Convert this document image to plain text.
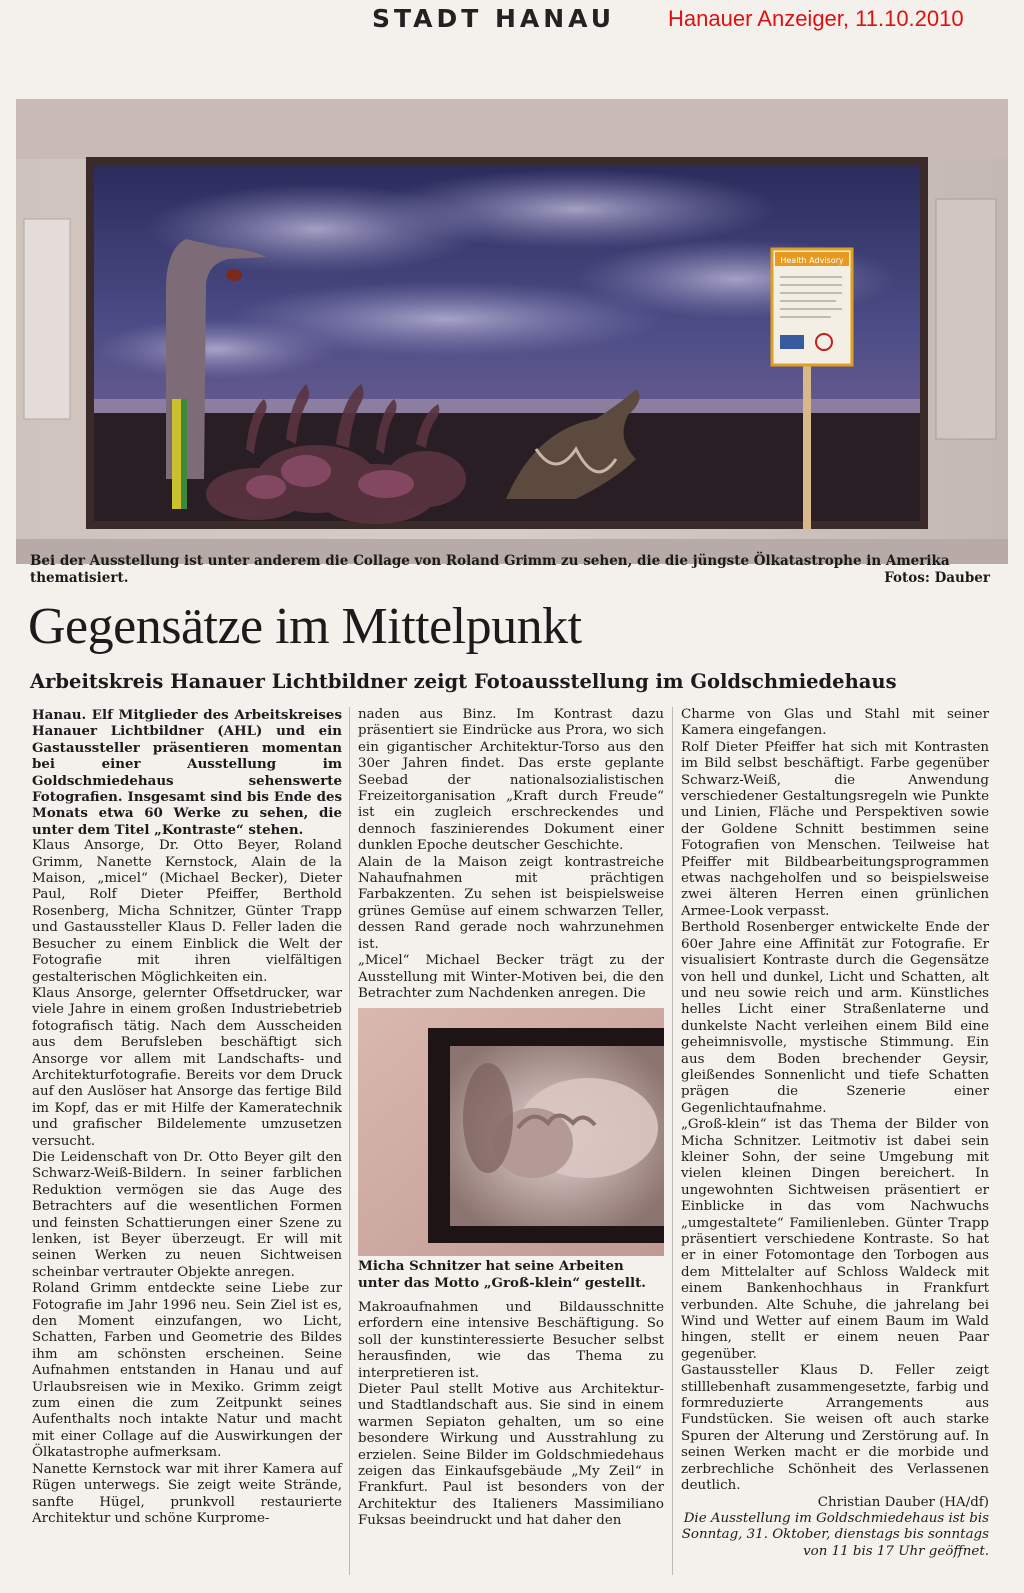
STADT HANAU Hanauer Anzeiger, 11.10.2010
Health Advisory
Bei der Ausstellung ist unter anderem die Collage von Roland Grimm zu sehen, die die jüngste Ölkatastrophe in Amerika thematisiert.	Fotos: Dauber
Gegensätze im Mittelpunkt
Arbeitskreis Hanauer Lichtbildner zeigt Fotoausstellung im Goldschmiedehaus

Hanau. Elf Mitglieder des Arbeitskreises Hanauer Lichtbildner (AHL) und ein Gastaussteller präsentieren momentan bei einer Ausstellung im Goldschmiedehaus sehenswerte Fotografien. Insgesamt sind bis Ende des Monats etwa 60 Werke zu sehen, die unter dem Titel „Kontraste“ stehen.

Klaus Ansorge, Dr. Otto Beyer, Roland Grimm, Nanette Kernstock, Alain de la Maison, „micel“ (Michael Becker), Dieter Paul, Rolf Dieter Pfeiffer, Berthold Rosenberg, Micha Schnitzer, Günter Trapp und Gastaussteller Klaus D. Feller laden die Besucher zu einem Einblick die Welt der Fotografie mit ihren vielfältigen gestalterischen Möglichkeiten ein.

Klaus Ansorge, gelernter Offsetdrucker, war viele Jahre in einem großen Industriebetrieb fotografisch tätig. Nach dem Ausscheiden aus dem Berufsleben beschäftigt sich Ansorge vor allem mit Landschafts- und Architekturfotografie. Bereits vor dem Druck auf den Auslöser hat Ansorge das fertige Bild im Kopf, das er mit Hilfe der Kameratechnik und grafischer Bildelemente umzusetzen versucht.

Die Leidenschaft von Dr. Otto Beyer gilt den Schwarz-Weiß-Bildern. In seiner farblichen Reduktion vermögen sie das Auge des Betrachters auf die wesentlichen Formen und feinsten Schattierungen einer Szene zu lenken, ist Beyer überzeugt. Er will mit seinen Werken zu neuen Sichtweisen scheinbar vertrauter Objekte anregen.

Roland Grimm entdeckte seine Liebe zur Fotografie im Jahr 1996 neu. Sein Ziel ist es, den Moment einzufangen, wo Licht, Schatten, Farben und Geometrie des Bildes ihm am schönsten erscheinen. Seine Aufnahmen entstanden in Hanau und auf Urlaubsreisen wie in Mexiko. Grimm zeigt zum einen die zum Zeitpunkt seines Aufenthalts noch intakte Natur und macht mit einer Collage auf die Auswirkungen der Ölkatastrophe aufmerksam.

Nanette Kernstock war mit ihrer Kamera auf Rügen unterwegs. Sie zeigt weite Strände, sanfte Hügel, prunkvoll restaurierte Architektur und schöne Kurprome-

naden aus Binz. Im Kontrast dazu präsentiert sie Eindrücke aus Prora, wo sich ein gigantischer Architektur-Torso aus den 30er Jahren findet. Das erste geplante Seebad der nationalsozialistischen Freizeitorganisation „Kraft durch Freude“ ist ein zugleich erschreckendes und dennoch faszinierendes Dokument einer dunklen Epoche deutscher Geschichte.

Alain de la Maison zeigt kontrastreiche Nahaufnahmen mit prächtigen Farbakzenten. Zu sehen ist beispielsweise grünes Gemüse auf einem schwarzen Teller, dessen Rand gerade noch wahrzunehmen ist.

„Micel“ Michael Becker trägt zu der Ausstellung mit Winter-Motiven bei, die den Betrachter zum Nachdenken anregen. Die

Micha Schnitzer hat seine Arbeiten unter das Motto „Groß-klein“ gestellt.

Makroaufnahmen und Bildausschnitte erfordern eine intensive Beschäftigung. So soll der kunstinteressierte Besucher selbst herausfinden, wie das Thema zu interpretieren ist.

Dieter Paul stellt Motive aus Architektur- und Stadtlandschaft aus. Sie sind in einem warmen Sepiaton gehalten, um so eine besondere Wirkung und Ausstrahlung zu erzielen. Seine Bilder im Goldschmiedehaus zeigen das Einkaufsgebäude „My Zeil“ in Frankfurt. Paul ist besonders von der Architektur des Italieners Massimiliano Fuksas beeindruckt und hat daher den

Charme von Glas und Stahl mit seiner Kamera eingefangen.

Rolf Dieter Pfeiffer hat sich mit Kontrasten im Bild selbst beschäftigt. Farbe gegenüber Schwarz-Weiß, die Anwendung verschiedener Gestaltungsregeln wie Punkte und Linien, Fläche und Perspektiven sowie der Goldene Schnitt bestimmen seine Fotografien von Menschen. Teilweise hat Pfeiffer mit Bildbearbeitungsprogrammen etwas nachgeholfen und so beispielsweise zwei älteren Herren einen grünlichen Armee-Look verpasst.

Berthold Rosenberger entwickelte Ende der 60er Jahre eine Affinität zur Fotografie. Er visualisiert Kontraste durch die Gegensätze von hell und dunkel, Licht und Schatten, alt und neu sowie reich und arm. Künstliches helles Licht einer Straßenlaterne und dunkelste Nacht verleihen einem Bild eine geheimnisvolle, mystische Stimmung. Ein aus dem Boden brechender Geysir, gleißendes Sonnenlicht und tiefe Schatten prägen die Szenerie einer Gegenlichtaufnahme.

„Groß-klein“ ist das Thema der Bilder von Micha Schnitzer. Leitmotiv ist dabei sein kleiner Sohn, der seine Umgebung mit vielen kleinen Dingen bereichert. In ungewohnten Sichtweisen präsentiert er Einblicke in das vom Nachwuchs „umgestaltete“ Familienleben. Günter Trapp präsentiert verschiedene Kontraste. So hat er in einer Fotomontage den Torbogen aus dem Mittelalter auf Schloss Waldeck mit einem Bankenhochhaus in Frankfurt verbunden. Alte Schuhe, die jahrelang bei Wind und Wetter auf einem Baum im Wald hingen, stellt er einem neuen Paar gegenüber.

Gastaussteller Klaus D. Feller zeigt stilllebenhaft zusammengesetzte, farbig und formreduzierte Arrangements aus Fundstücken. Sie weisen oft auch starke Spuren der Alterung und Zerstörung auf. In seinen Werken macht er die morbide und zerbrechliche Schönheit des Verlassenen deutlich.

Christian Dauber (HA/df)

Die Ausstellung im Goldschmiedehaus ist bis Sonntag, 31. Oktober, dienstags bis sonntags von 11 bis 17 Uhr geöffnet.
